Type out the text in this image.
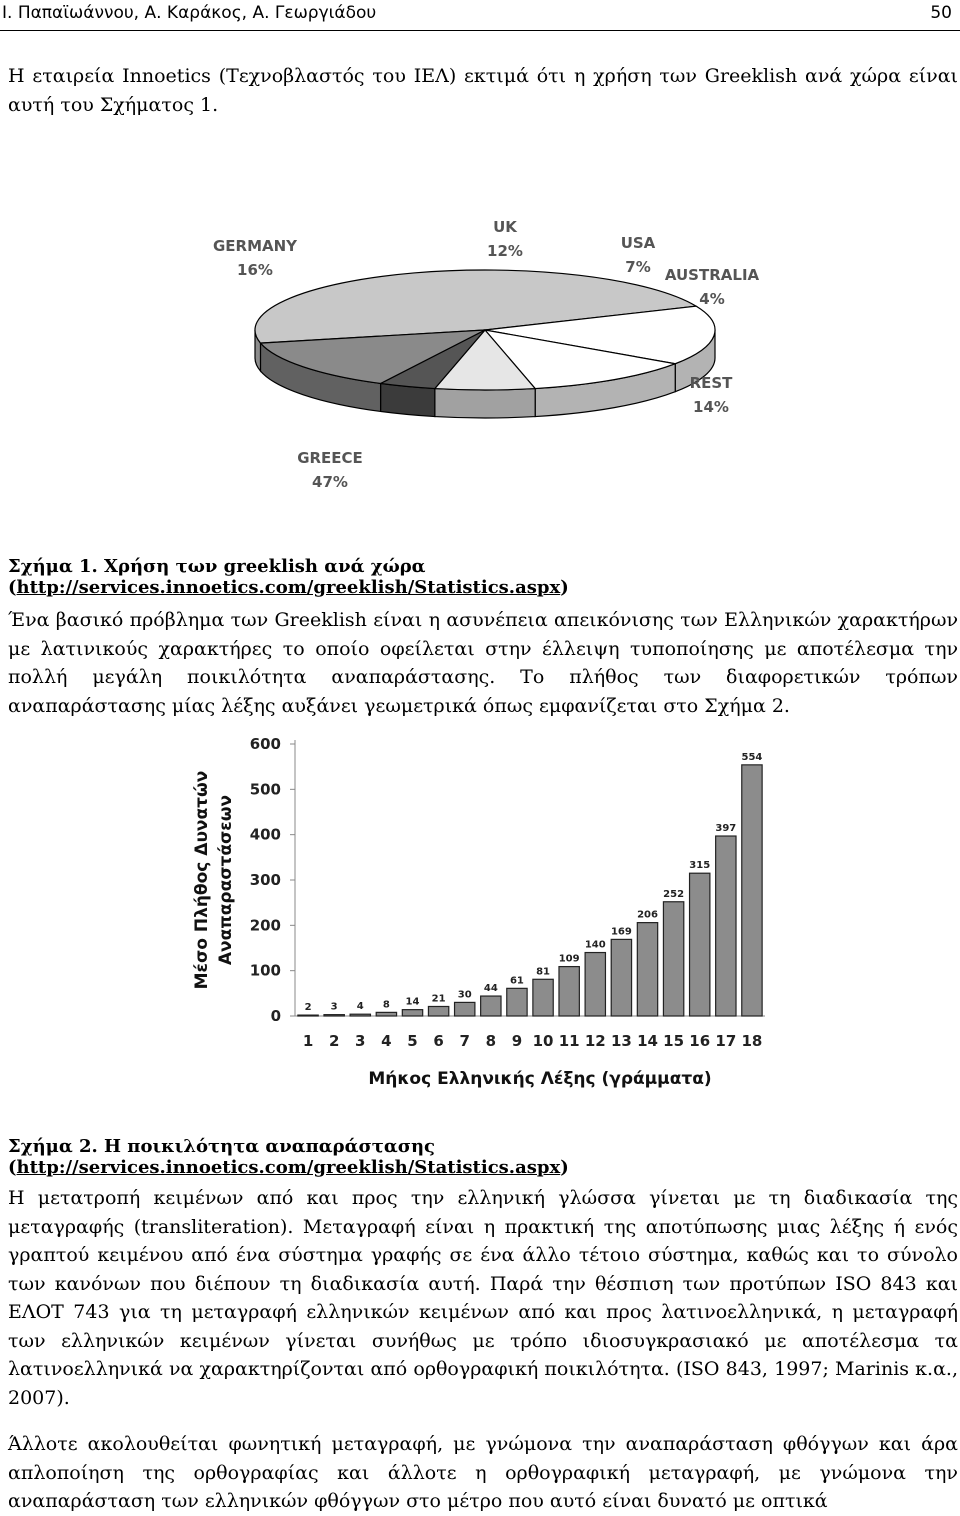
Ι. Παπαϊωάννου, Α. Καράκος, Α. Γεωργιάδου	50
Η εταιρεία Innoetics (Τεχνοβλαστός του ΙΕΛ) εκτιμά ότι η χρήση των Greeklish ανά χώρα είναι αυτή του Σχήματος 1.
GREECE
47%
GERMANY
16%
UK
12%	USA
7% AUSTRALIA
4%
REST
14%
Σχήμα 1. Χρήση των greeklish ανά χώρα (http://services.innoetics.com/greeklish/Statistics.aspx)
Ένα βασικό πρόβλημα των Greeklish είναι η ασυνέπεια απεικόνισης των Ελληνικών χαρακτήρων με λατινικούς χαρακτήρες το οποίο οφείλεται στην έλλειψη τυποποίησης με αποτέλεσμα την πολλή μεγάλη ποικιλότητα αναπαράστασης. Το πλήθος των διαφορετικών τρόπων αναπαράστασης μίας λέξης αυξάνει γεωμετρικά όπως εμφανίζεται στο Σχήμα 2.
0
100
200
300
400
500
600
2
1
3
2
4
3
8
4
14
5
21
6
30
7
44
8
61
9
81
10
109
11
140
12
169
13
206
14
252
15
315
16
397
17
554
18
Μήκος Ελληνικής Λέξης (γράμματα)
Μέσο Πλήθος Δυνατών Αναπαραστάσεων
Σχήμα 2. Η ποικιλότητα αναπαράστασης (http://services.innoetics.com/greeklish/Statistics.aspx)
Η μετατροπή κειμένων από και προς την ελληνική γλώσσα γίνεται με τη διαδικασία της μεταγραφής (transliteration). Μεταγραφή είναι η πρακτική της αποτύπωσης μιας λέξης ή ενός γραπτού κειμένου από ένα σύστημα γραφής σε ένα άλλο τέτοιο σύστημα, καθώς και το σύνολο των κανόνων που διέπουν τη διαδικασία αυτή. Παρά την θέσπιση των προτύπων ISO 843 και ΕΛΟΤ 743 για τη μεταγραφή ελληνικών κειμένων από και προς λατινοελληνικά, η μεταγραφή των ελληνικών κειμένων γίνεται συνήθως με τρόπο ιδιοσυγκρασιακό με αποτέλεσμα τα λατινοελληνικά να χαρακτηρίζονται από ορθογραφική ποικιλότητα. (ISO 843, 1997; Marinis κ.α., 2007).
Άλλοτε ακολουθείται φωνητική μεταγραφή, με γνώμονα την αναπαράσταση φθόγγων και άρα απλοποίηση της ορθογραφίας και άλλοτε η ορθογραφική μεταγραφή, με γνώμονα την αναπαράσταση των ελληνικών φθόγγων στο μέτρο που αυτό είναι δυνατό με οπτικά
